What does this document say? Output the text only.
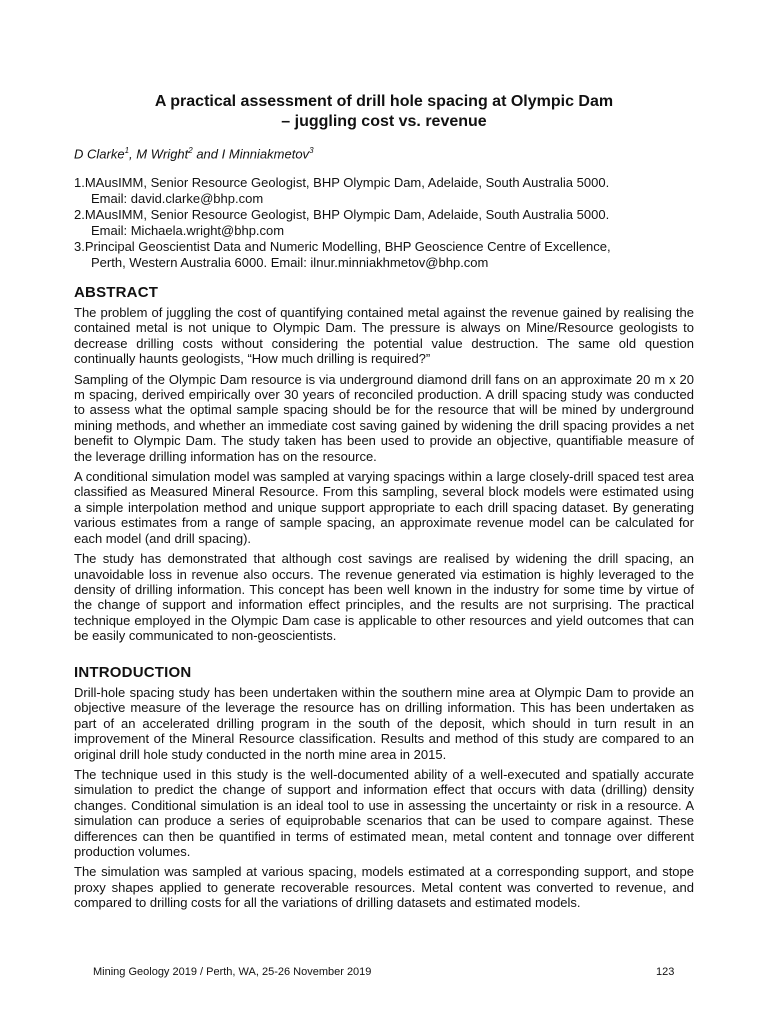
A practical assessment of drill hole spacing at Olympic Dam
– juggling cost vs. revenue
D Clarke$^1$, M Wright$^2$ and I Minniakmetov$^3$
1.MAusIMM, Senior Resource Geologist, BHP Olympic Dam, Adelaide, South Australia 5000.
Email: david.clarke@bhp.com
2.MAusIMM, Senior Resource Geologist, BHP Olympic Dam, Adelaide, South Australia 5000.
Email: Michaela.wright@bhp.com
3.Principal Geoscientist Data and Numeric Modelling, BHP Geoscience Centre of Excellence,
Perth, Western Australia 6000. Email: ilnur.minniakhmetov@bhp.com
ABSTRACT

The problem of juggling the cost of quantifying contained metal against the revenue gained by realising the contained metal is not unique to Olympic Dam. The pressure is always on Mine/Resource geologists to decrease drilling costs without considering the potential value destruction. The same old question continually haunts geologists, “How much drilling is required?”

Sampling of the Olympic Dam resource is via underground diamond drill fans on an approximate 20 m x 20 m spacing, derived empirically over 30 years of reconciled production. A drill spacing study was conducted to assess what the optimal sample spacing should be for the resource that will be mined by underground mining methods, and whether an immediate cost saving gained by widening the drill spacing provides a net benefit to Olympic Dam. The study taken has been used to provide an objective, quantifiable measure of the leverage drilling information has on the resource.

A conditional simulation model was sampled at varying spacings within a large closely-drill spaced test area classified as Measured Mineral Resource. From this sampling, several block models were estimated using a simple interpolation method and unique support appropriate to each drill spacing dataset. By generating various estimates from a range of sample spacing, an approximate revenue model can be calculated for each model (and drill spacing).

The study has demonstrated that although cost savings are realised by widening the drill spacing, an unavoidable loss in revenue also occurs. The revenue generated via estimation is highly leveraged to the density of drilling information. This concept has been well known in the industry for some time by virtue of the change of support and information effect principles, and the results are not surprising. The practical technique employed in the Olympic Dam case is applicable to other resources and yield outcomes that can be easily communicated to non-geoscientists.

INTRODUCTION

Drill-hole spacing study has been undertaken within the southern mine area at Olympic Dam to provide an objective measure of the leverage the resource has on drilling information. This has been undertaken as part of an accelerated drilling program in the south of the deposit, which should in turn result in an improvement of the Mineral Resource classification. Results and method of this study are compared to an original drill hole study conducted in the north mine area in 2015.

The technique used in this study is the well-documented ability of a well-executed and spatially accurate simulation to predict the change of support and information effect that occurs with data (drilling) density changes. Conditional simulation is an ideal tool to use in assessing the uncertainty or risk in a resource. A simulation can produce a series of equiprobable scenarios that can be used to compare against. These differences can then be quantified in terms of estimated mean, metal content and tonnage over different production volumes.

The simulation was sampled at various spacing, models estimated at a corresponding support, and stope proxy shapes applied to generate recoverable resources. Metal content was converted to revenue, and compared to drilling costs for all the variations of drilling datasets and estimated models.

Mining Geology 2019 / Perth, WA, 25-26 November 2019	123
